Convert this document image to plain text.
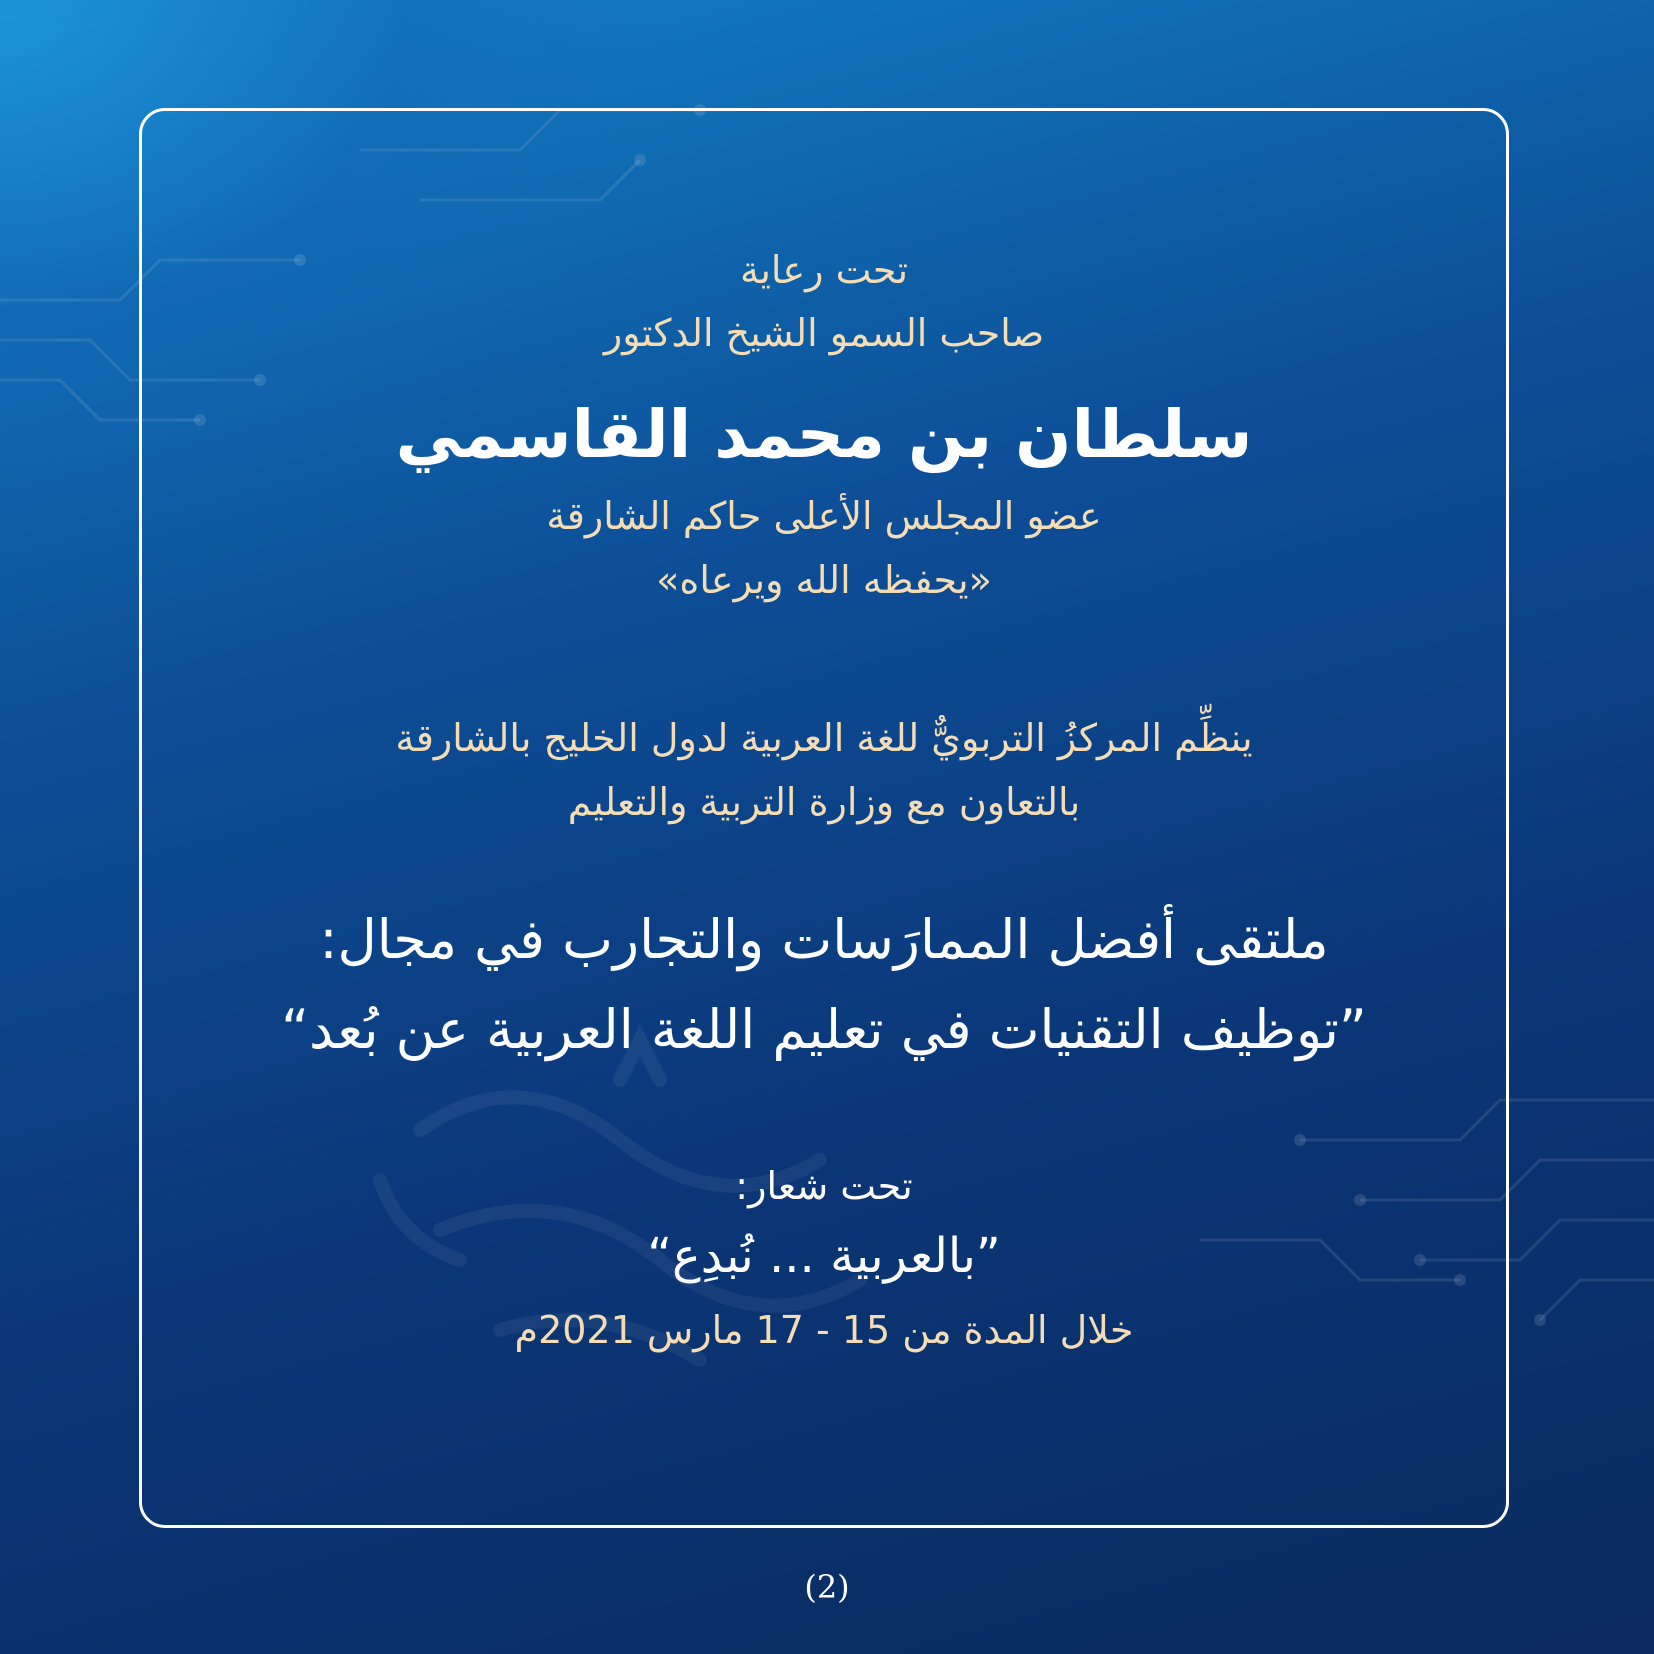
تحت رعاية
صاحب السمو الشيخ الدكتور
سلطان بن محمد القاسمي
عضو المجلس الأعلى حاكم الشارقة
«يحفظه الله ويرعاه»
ينظِّم المركزُ التربويٌّ للغة العربية لدول الخليج بالشارقة
بالتعاون مع وزارة التربية والتعليم
ملتقى أفضل الممارَسات والتجارب في مجال:
”توظيف التقنيات في تعليم اللغة العربية عن بُعد“
تحت شعار:
”بالعربية ... نُبدِع“
خلال المدة من 15 - 17 مارس 2021م
(2)
